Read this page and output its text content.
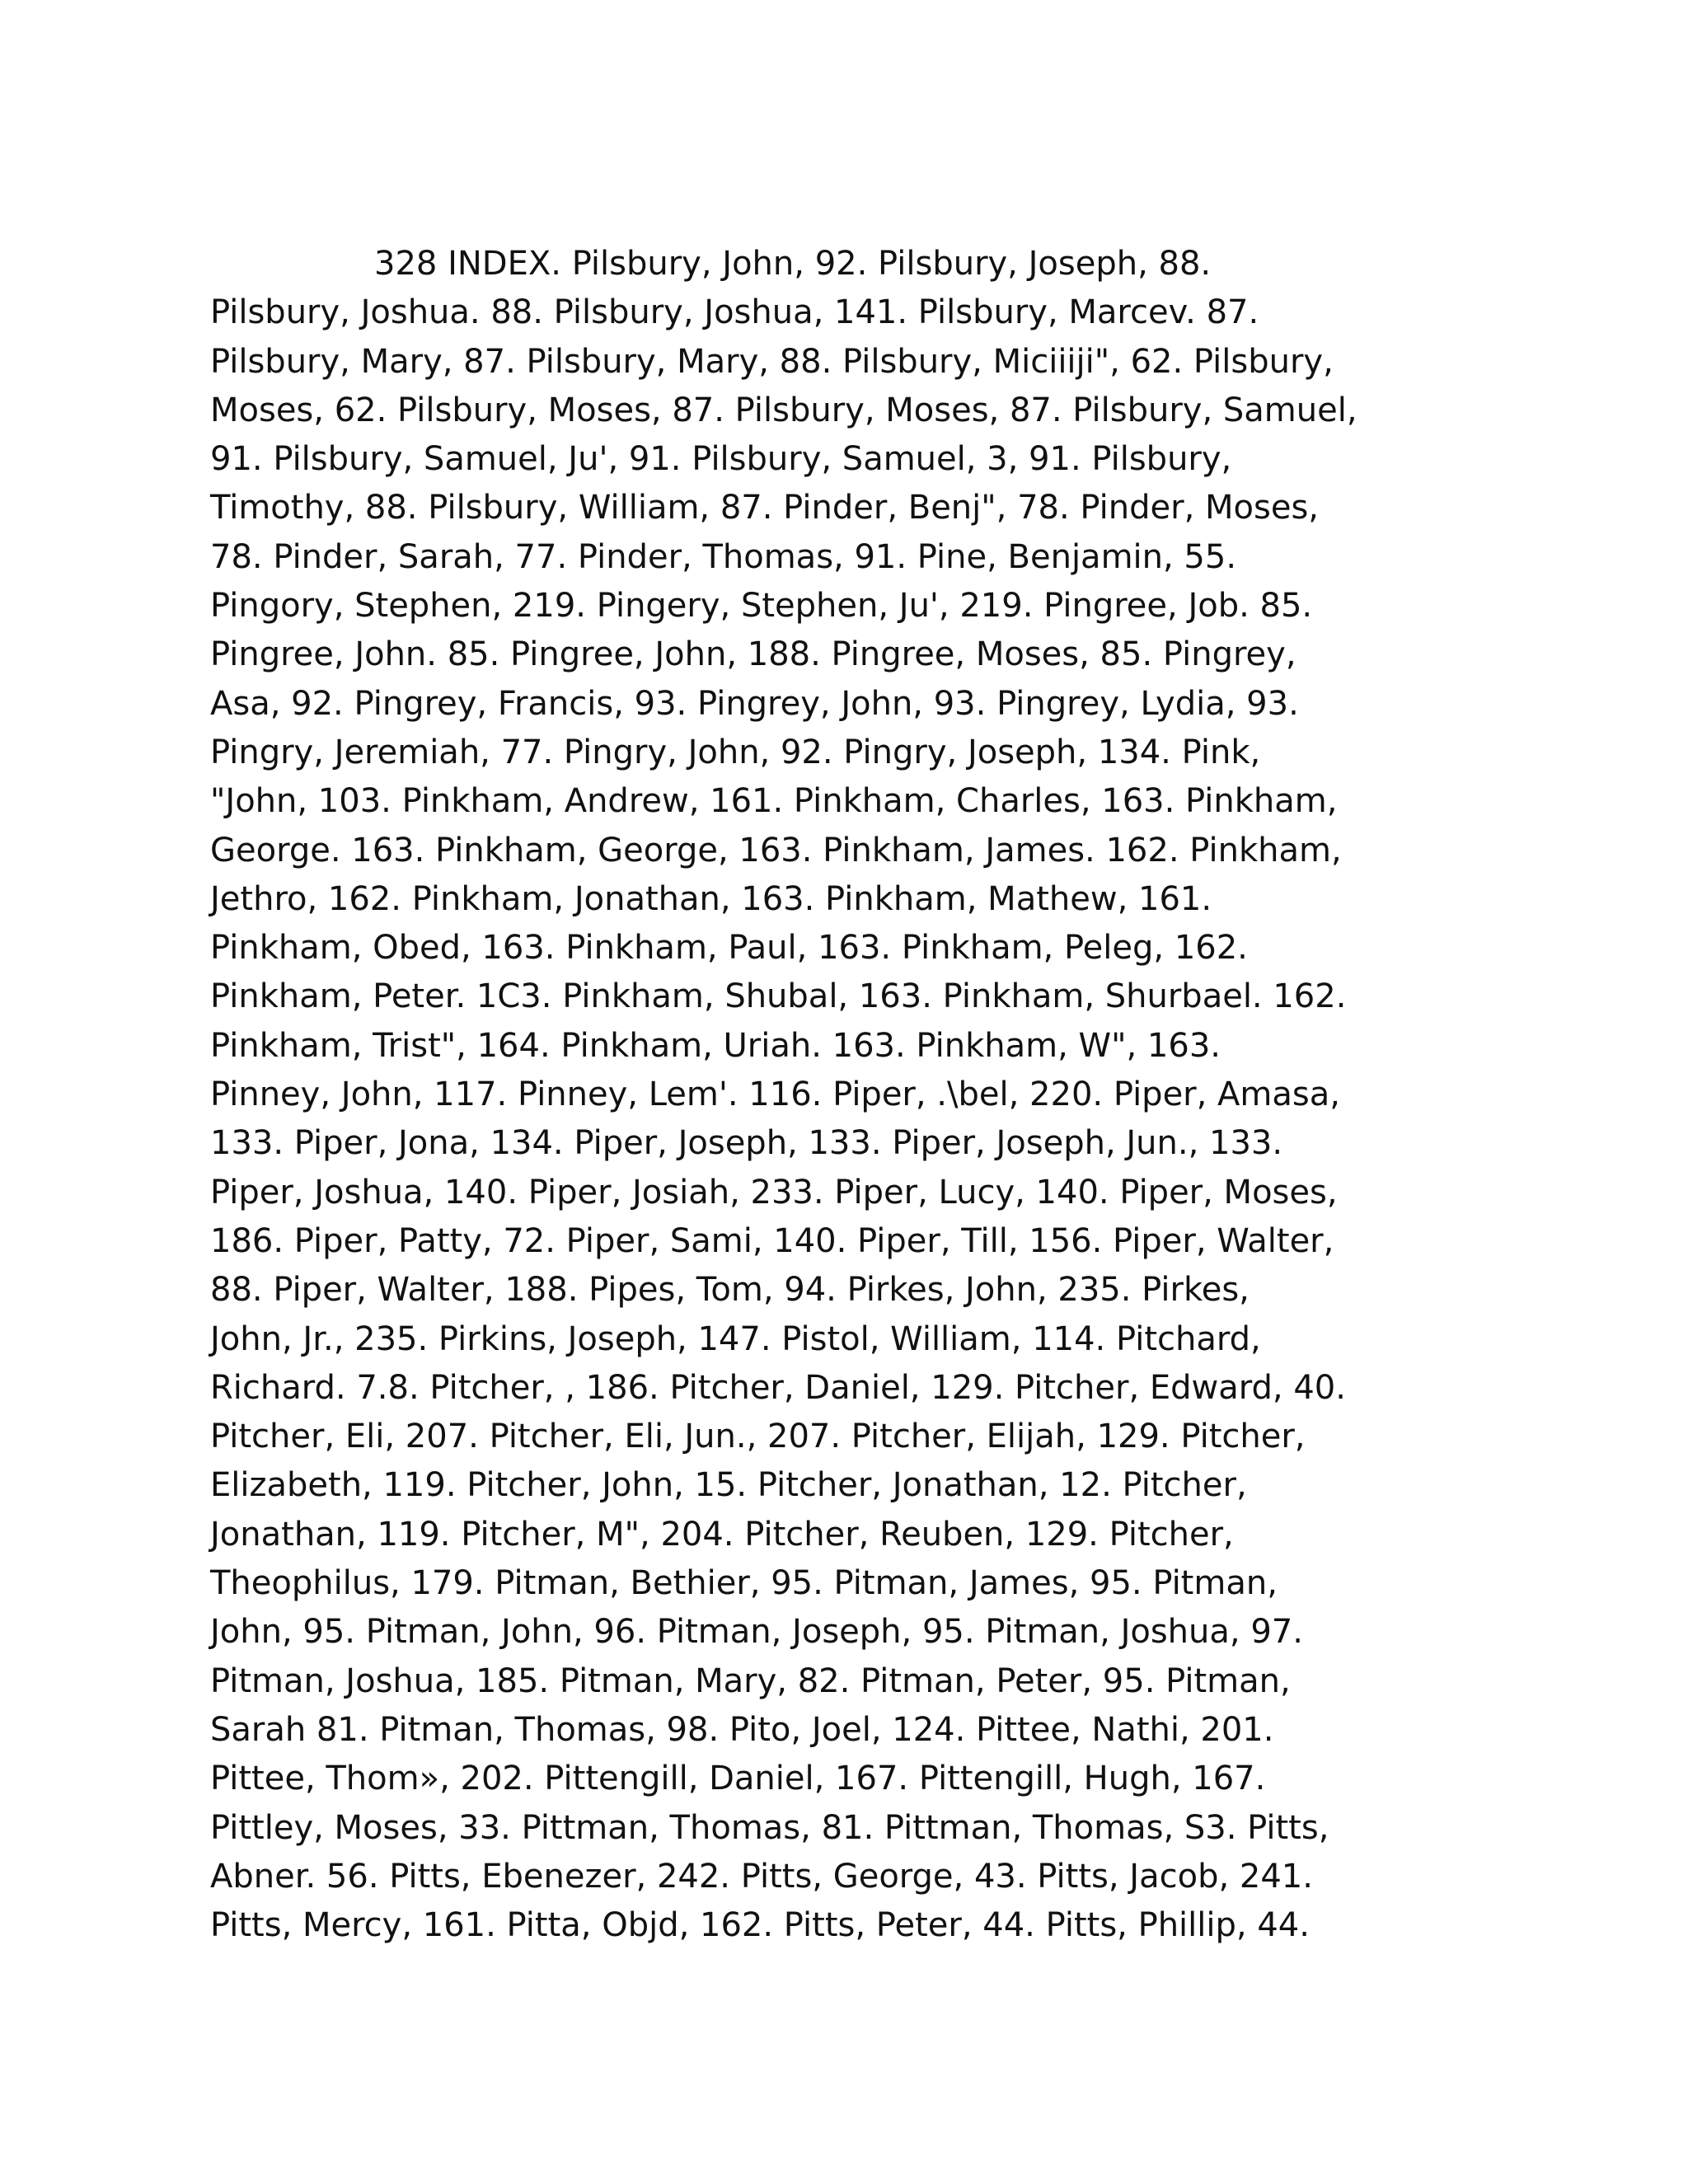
328 INDEX. Pilsbury, John, 92. Pilsbury, Joseph, 88.
Pilsbury, Joshua. 88. Pilsbury, Joshua, 141. Pilsbury, Marcev. 87.
Pilsbury, Mary, 87. Pilsbury, Mary, 88. Pilsbury, Miciiiji", 62. Pilsbury,
Moses, 62. Pilsbury, Moses, 87. Pilsbury, Moses, 87. Pilsbury, Samuel,
91. Pilsbury, Samuel, Ju', 91. Pilsbury, Samuel, 3, 91. Pilsbury,
Timothy, 88. Pilsbury, William, 87. Pinder, Benj", 78. Pinder, Moses,
78. Pinder, Sarah, 77. Pinder, Thomas, 91. Pine, Benjamin, 55.
Pingory, Stephen, 219. Pingery, Stephen, Ju', 219. Pingree, Job. 85.
Pingree, John. 85. Pingree, John, 188. Pingree, Moses, 85. Pingrey,
Asa, 92. Pingrey, Francis, 93. Pingrey, John, 93. Pingrey, Lydia, 93.
Pingry, Jeremiah, 77. Pingry, John, 92. Pingry, Joseph, 134. Pink,
"John, 103. Pinkham, Andrew, 161. Pinkham, Charles, 163. Pinkham,
George. 163. Pinkham, George, 163. Pinkham, James. 162. Pinkham,
Jethro, 162. Pinkham, Jonathan, 163. Pinkham, Mathew, 161.
Pinkham, Obed, 163. Pinkham, Paul, 163. Pinkham, Peleg, 162.
Pinkham, Peter. 1C3. Pinkham, Shubal, 163. Pinkham, Shurbael. 162.
Pinkham, Trist", 164. Pinkham, Uriah. 163. Pinkham, W", 163.
Pinney, John, 117. Pinney, Lem'. 116. Piper, .\bel, 220. Piper, Amasa,
133. Piper, Jona, 134. Piper, Joseph, 133. Piper, Joseph, Jun., 133.
Piper, Joshua, 140. Piper, Josiah, 233. Piper, Lucy, 140. Piper, Moses,
186. Piper, Patty, 72. Piper, Sami, 140. Piper, Till, 156. Piper, Walter,
88. Piper, Walter, 188. Pipes, Tom, 94. Pirkes, John, 235. Pirkes,
John, Jr., 235. Pirkins, Joseph, 147. Pistol, William, 114. Pitchard,
Richard. 7.8. Pitcher, , 186. Pitcher, Daniel, 129. Pitcher, Edward, 40.
Pitcher, Eli, 207. Pitcher, Eli, Jun., 207. Pitcher, Elijah, 129. Pitcher,
Elizabeth, 119. Pitcher, John, 15. Pitcher, Jonathan, 12. Pitcher,
Jonathan, 119. Pitcher, M", 204. Pitcher, Reuben, 129. Pitcher,
Theophilus, 179. Pitman, Bethier, 95. Pitman, James, 95. Pitman,
John, 95. Pitman, John, 96. Pitman, Joseph, 95. Pitman, Joshua, 97.
Pitman, Joshua, 185. Pitman, Mary, 82. Pitman, Peter, 95. Pitman,
Sarah 81. Pitman, Thomas, 98. Pito, Joel, 124. Pittee, Nathi, 201.
Pittee, Thom», 202. Pittengill, Daniel, 167. Pittengill, Hugh, 167.
Pittley, Moses, 33. Pittman, Thomas, 81. Pittman, Thomas, S3. Pitts,
Abner. 56. Pitts, Ebenezer, 242. Pitts, George, 43. Pitts, Jacob, 241.
Pitts, Mercy, 161. Pitta, Objd, 162. Pitts, Peter, 44. Pitts, Phillip, 44.
